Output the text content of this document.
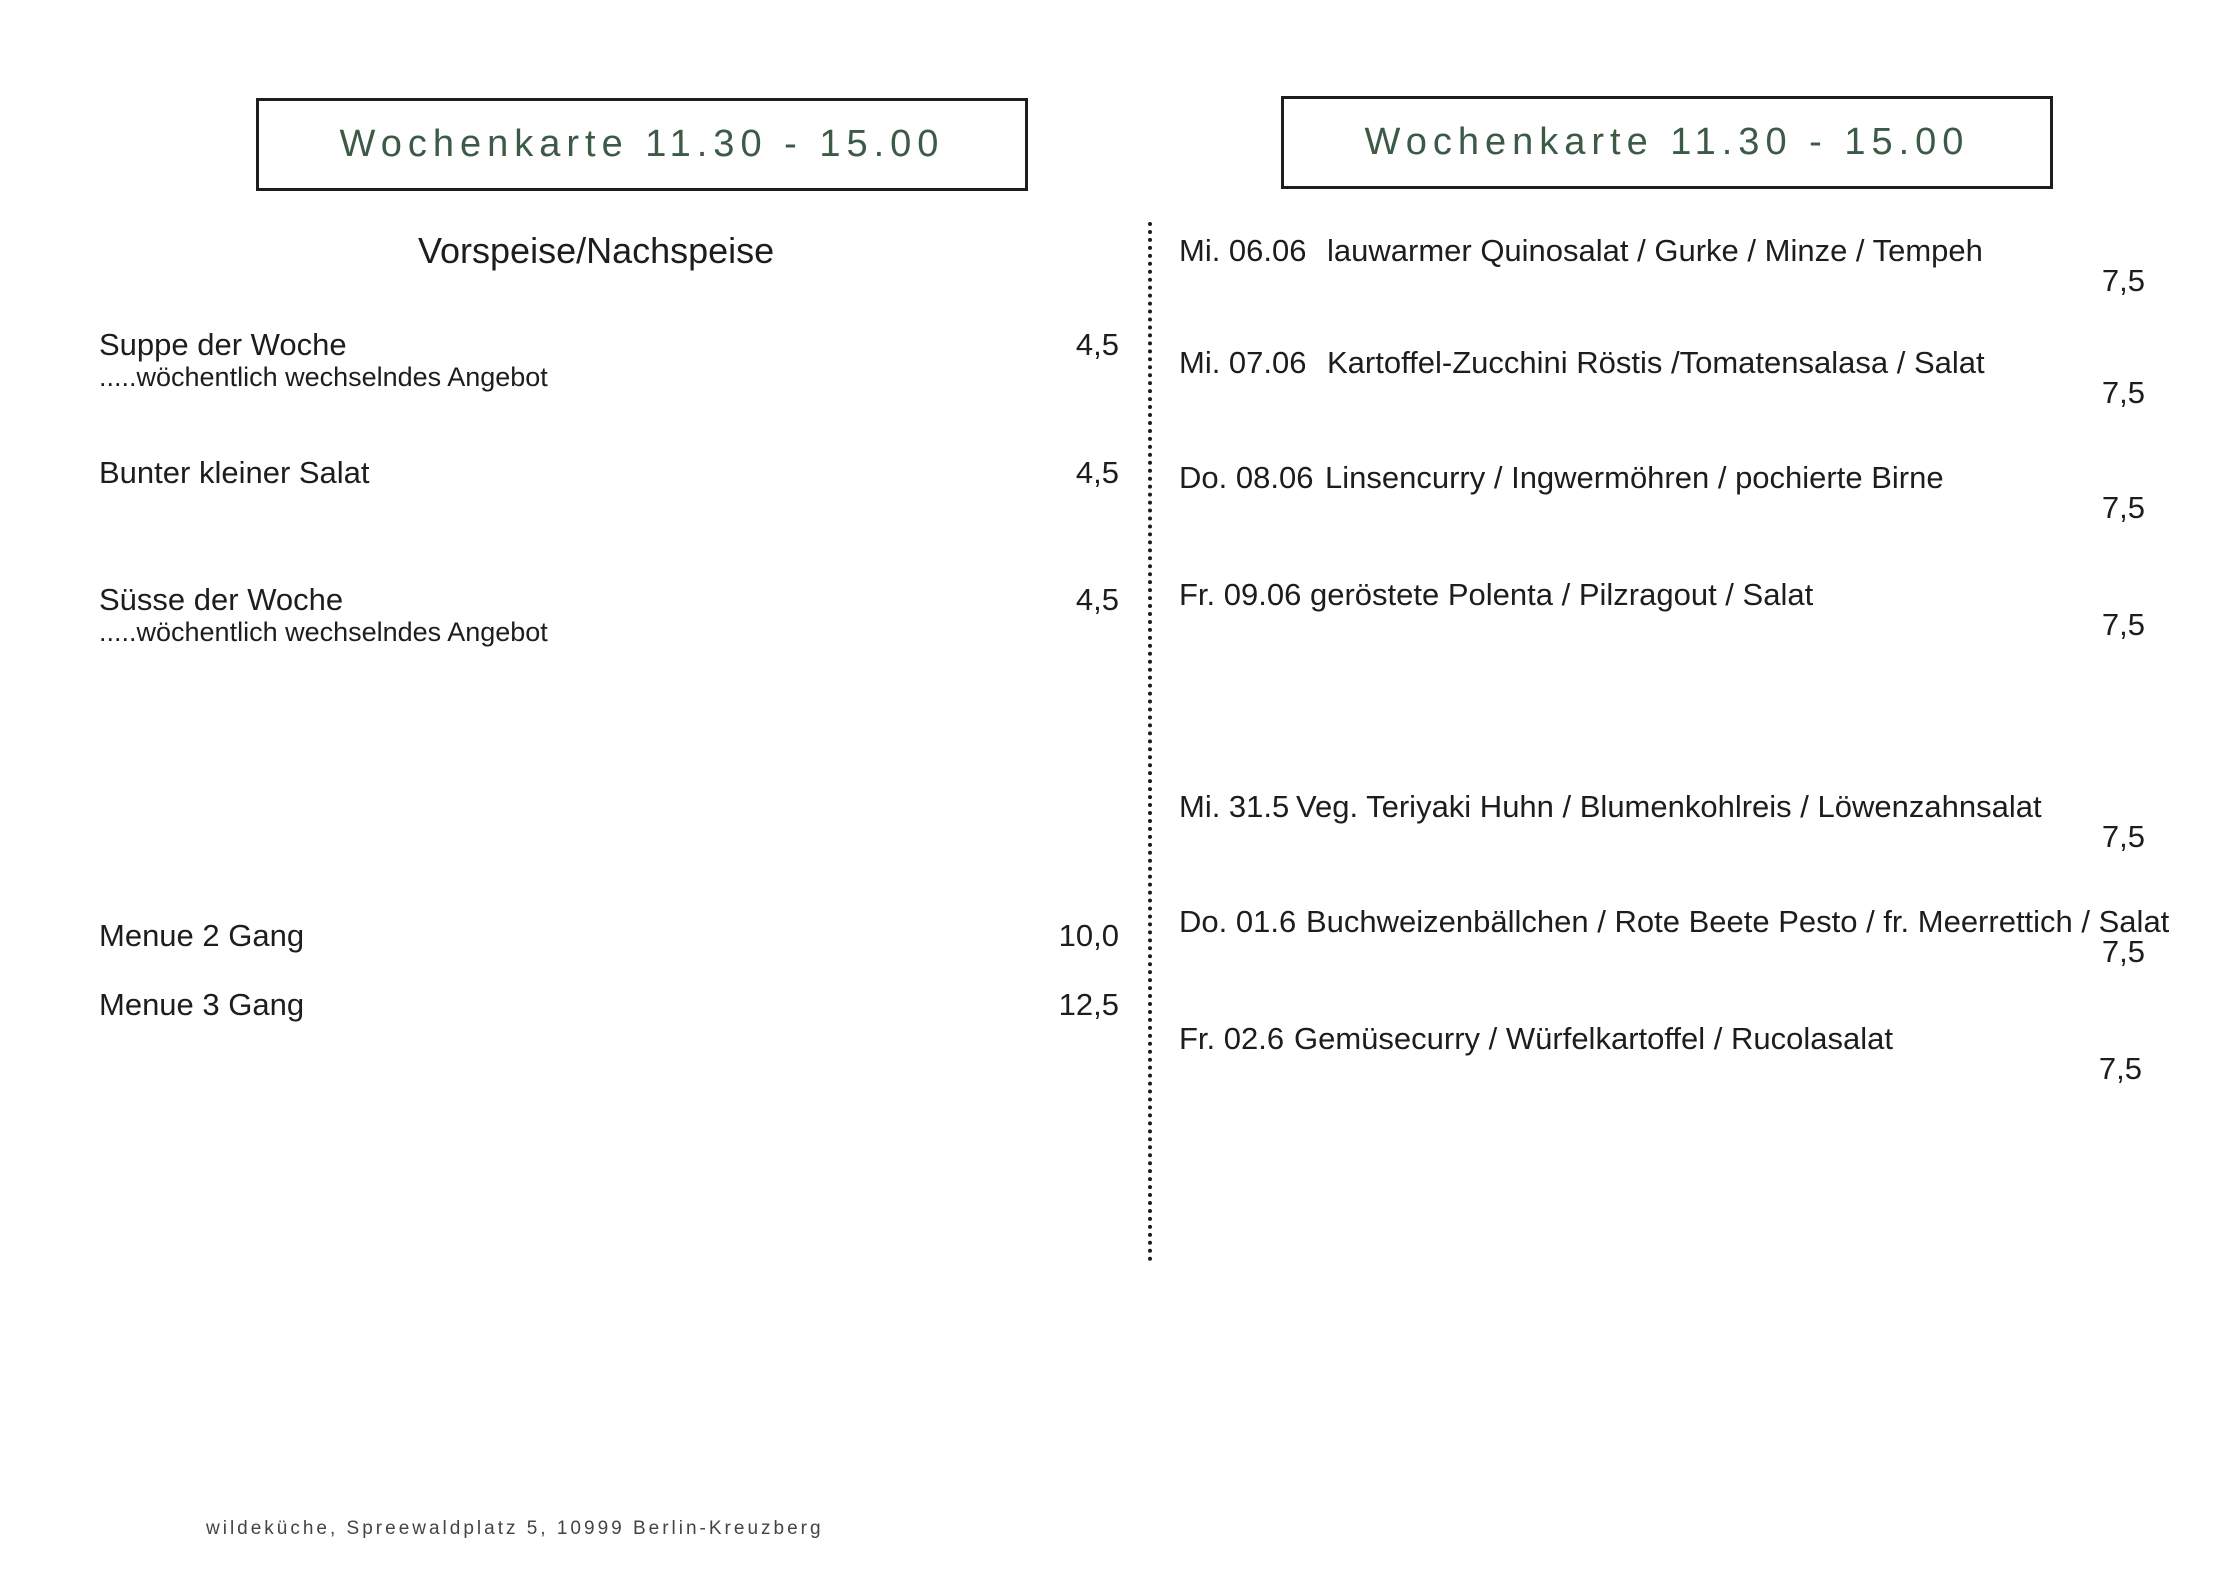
Wochenkarte 11.30 - 15.00	Wochenkarte 11.30 - 15.00
Vorspeise/Nachspeise
Suppe der Woche
.....wöchentlich wechselndes Angebot
4,5
Bunter kleiner Salat	4,5
Süsse der Woche
.....wöchentlich wechselndes Angebot
4,5
Menue 2 Gang	10,0
Menue 3 Gang	12,5
Mi. 06.06 lauwarmer Quinosalat / Gurke / Minze / Tempeh
7,5
Mi. 07.06 Kartoffel-Zucchini Röstis /Tomatensalasa / Salat
7,5
Do. 08.06 Linsencurry / Ingwermöhren / pochierte Birne
7,5
Fr. 09.06 geröstete Polenta / Pilzragout / Salat
7,5
Mi. 31.5 Veg. Teriyaki Huhn / Blumenkohlreis / Löwenzahnsalat
7,5
Do. 01.6 Buchweizenbällchen / Rote Beete Pesto / fr. Meerrettich / Salat
7,5
Fr. 02.6 Gemüsecurry / Würfelkartoffel / Rucolasalat
7,5
wildeküche, Spreewaldplatz 5, 10999 Berlin-Kreuzberg
